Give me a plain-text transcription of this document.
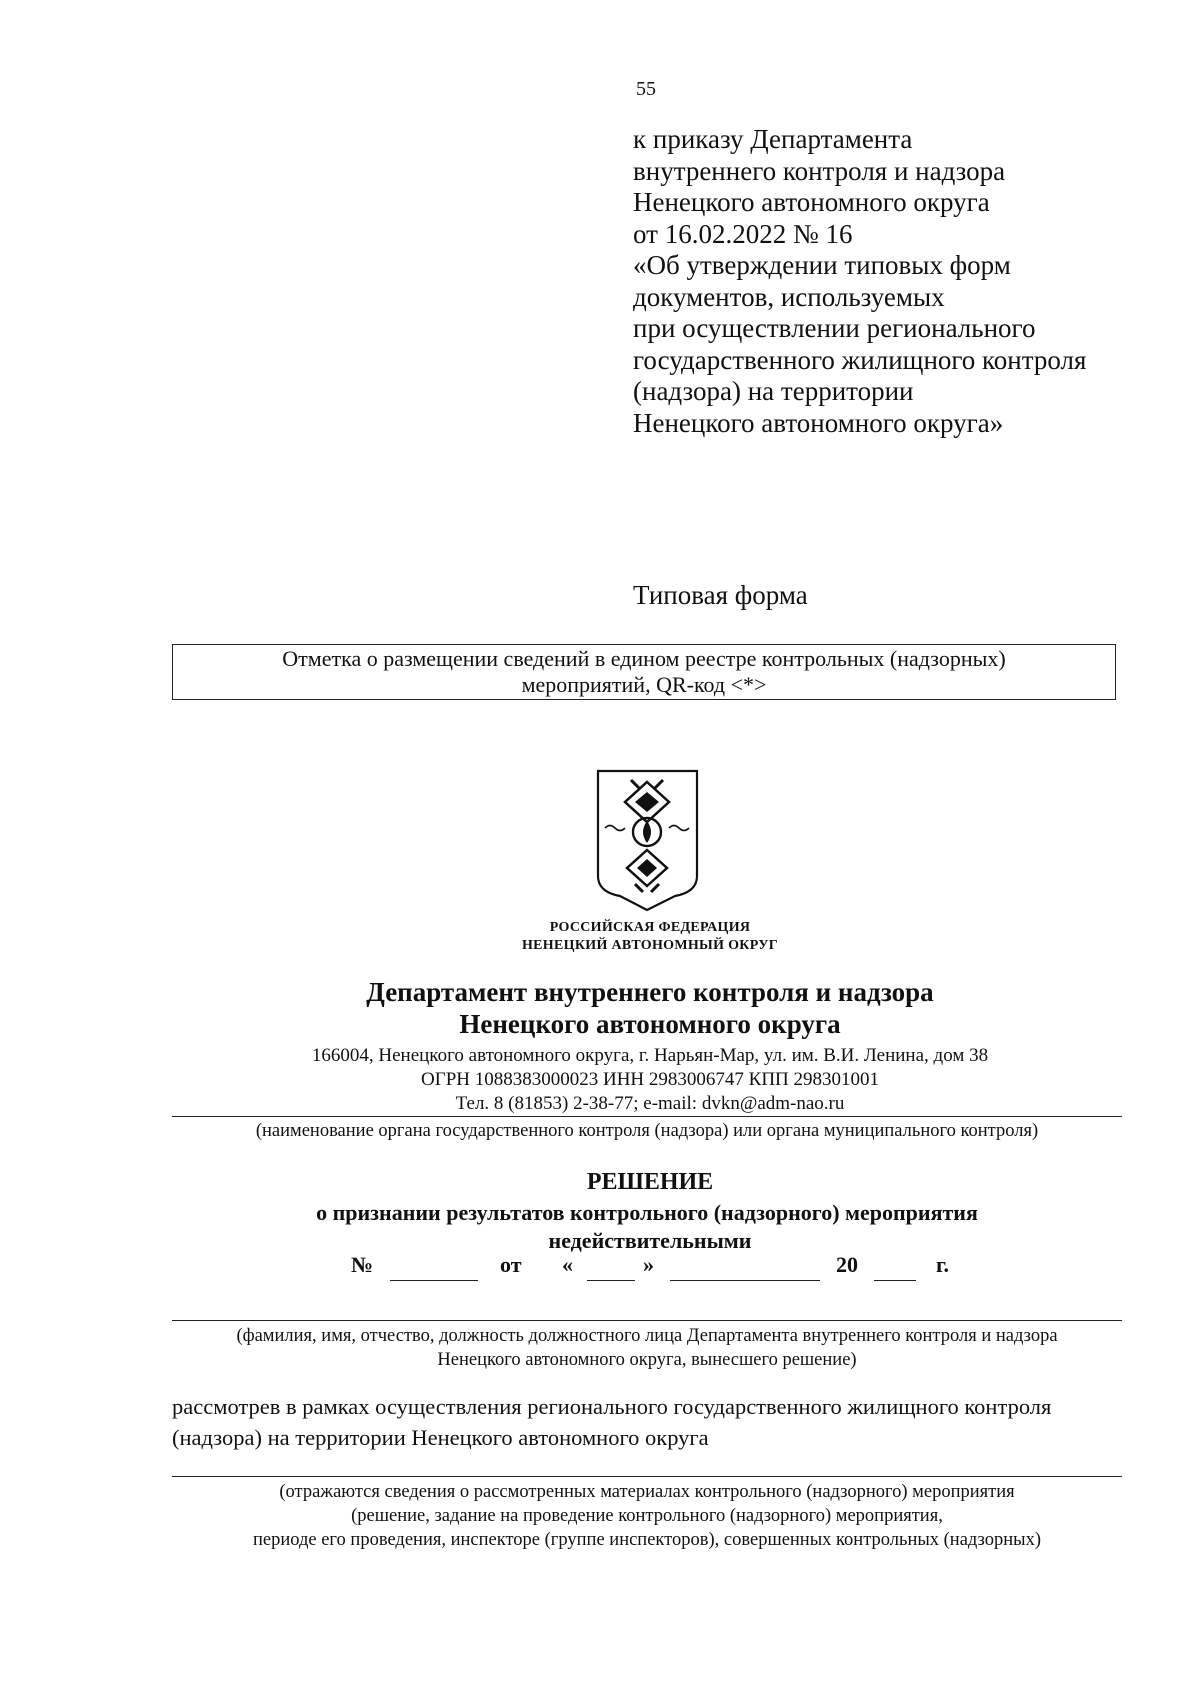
55
к приказу Департамента
внутреннего контроля и надзора
Ненецкого автономного округа
от 16.02.2022 № 16
«Об утверждении типовых форм
документов, используемых
при осуществлении регионального
государственного жилищного контроля
(надзора) на территории
Ненецкого автономного округа»
Типовая форма
Отметка о размещении сведений в едином реестре контрольных (надзорных)
мероприятий, QR-код <*>
РОССИЙСКАЯ ФЕДЕРАЦИЯ
НЕНЕЦКИЙ АВТОНОМНЫЙ ОКРУГ
Департамент внутреннего контроля и надзора
Ненецкого автономного округа
166004, Ненецкого автономного округа, г. Нарьян-Мар, ул. им. В.И. Ленина, дом 38
ОГРН 1088383000023 ИНН 2983006747 КПП 298301001
Тел. 8 (81853) 2-38-77; e-mail: dvkn@adm-nao.ru
(наименование органа государственного контроля (надзора) или органа муниципального контроля)
РЕШЕНИЕ
о признании результатов контрольного (надзорного) мероприятия
недействительными
№	от «	»	20	г.
(фамилия, имя, отчество, должность должностного лица Департамента внутреннего контроля и надзора
Ненецкого автономного округа, вынесшего решение)
рассмотрев в рамках осуществления регионального государственного жилищного контроля
(надзора) на территории Ненецкого автономного округа
(отражаются сведения о рассмотренных материалах контрольного (надзорного) мероприятия
(решение, задание на проведение контрольного (надзорного) мероприятия,
периоде его проведения, инспекторе (группе инспекторов), совершенных контрольных (надзорных)
